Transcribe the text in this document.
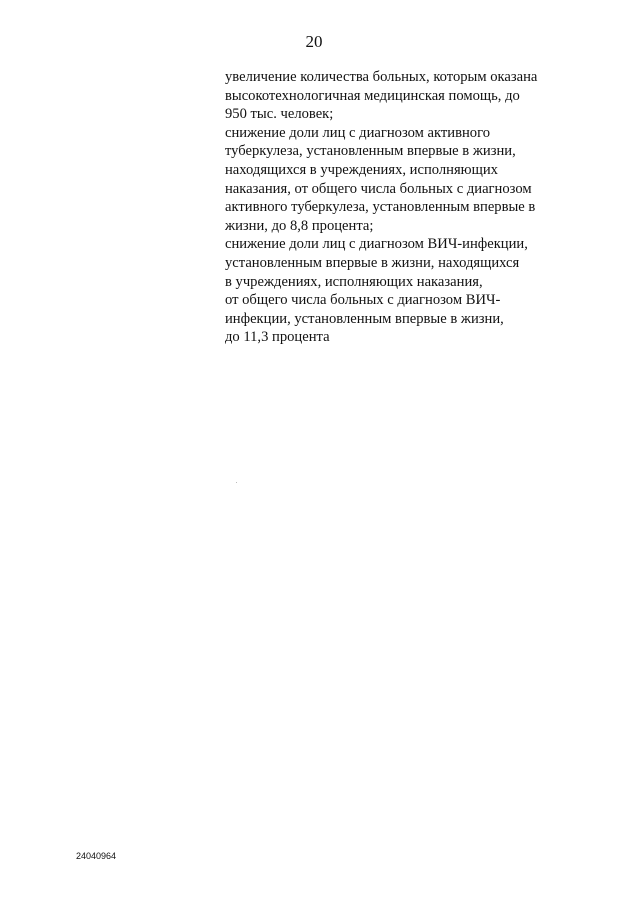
20
увеличение количества больных, которым оказана
высокотехнологичная медицинская помощь, до
950 тыс. человек;
снижение доли лиц с диагнозом активного
туберкулеза, установленным впервые в жизни,
находящихся в учреждениях, исполняющих
наказания, от общего числа больных с диагнозом
активного туберкулеза, установленным впервые в
жизни, до 8,8 процента;
снижение доли лиц с диагнозом ВИЧ-инфекции,
установленным впервые в жизни, находящихся
в учреждениях, исполняющих наказания,
от общего числа больных с диагнозом ВИЧ-
инфекции, установленным впервые в жизни,
до 11,3 процента
24040964
